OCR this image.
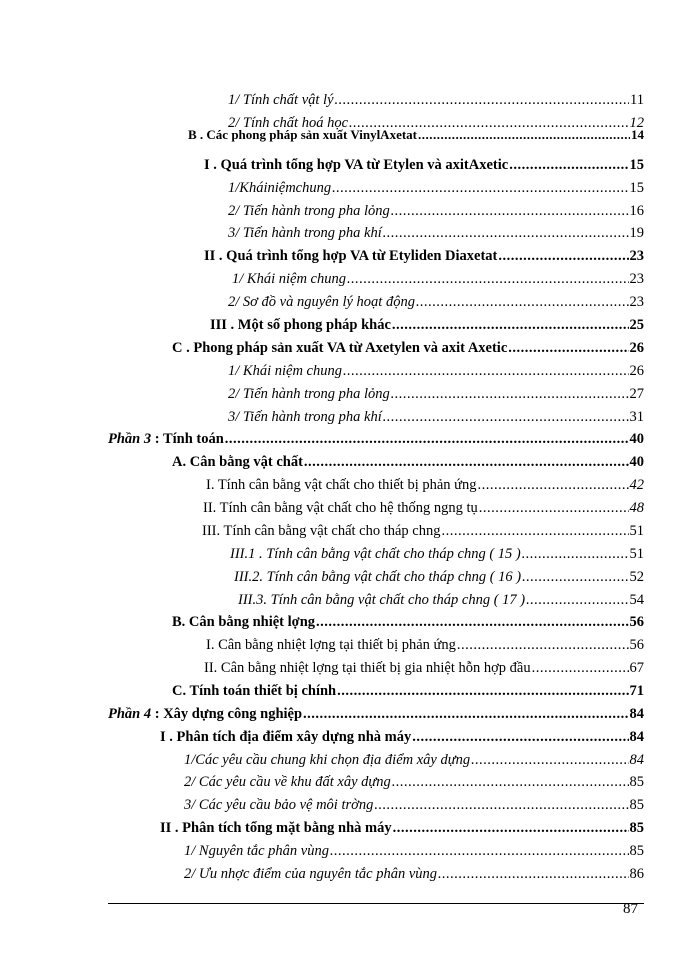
1/ Tính chất vật lý .....	11
2/ Tính chất hoá học .....	12
B . Các phong pháp sản xuất VinylAxetat .....	14
I . Quá trình tổng hợp VA từ Etylen và axitAxetic .....	15
1/Kháiniệmchung .....	15
2/ Tiến hành trong pha lỏng .....	16
3/ Tiến hành trong pha khí .....	19
II . Quá trình tổng hợp VA từ Etyliden Diaxetat .....	23
1/ Khái niệm chung .....	23
2/ Sơ đồ và nguyên lý hoạt động .....	23
III . Một số phong pháp khác .....	25
C . Phong pháp sản xuất VA từ Axetylen và axit Axetic .....	26
1/ Khái niệm chung .....	26
2/ Tiến hành trong pha lỏng .....	27
3/ Tiến hành trong pha khí .....	31
Phần 3 : Tính toán .....	40
A. Cân bằng vật chất .....	40
I. Tính cân bằng vật chất cho thiết bị phản ứng .....	42
II. Tính cân bằng vật chất cho hệ thống ngng tụ .....	48
III. Tính cân bằng vật chất cho tháp chng .....	51
III.1 . Tính cân bằng vật chất cho tháp chng ( 15 ) .....	51
III.2. Tính cân bằng vật chất cho tháp chng ( 16 ) .....	52
III.3. Tính cân bằng vật chất cho tháp chng ( 17 ) .....	54
B. Cân bằng nhiệt lợng .....	56
I. Cân bằng nhiệt lợng tại thiết bị phản ứng .....	56
II. Cân bằng nhiệt lợng tại thiết bị gia nhiệt hỗn hợp đầu .....	67
C. Tính toán thiết bị chính .....	71
Phần 4 : Xây dựng công nghiệp .....	84
I . Phân tích địa điểm xây dựng nhà máy .....	84
1/Các yêu cầu chung khi chọn địa điểm xây dựng .....	84
2/ Các yêu cầu về khu đất xây dựng .....	85
3/ Các yêu cầu bảo vệ môi trờng .....	85
II . Phân tích tổng mặt bằng nhà máy .....	85
1/ Nguyên tắc phân vùng .....	85
2/ Ưu nhợc điểm của nguyên tắc phân vùng .....	86
87
